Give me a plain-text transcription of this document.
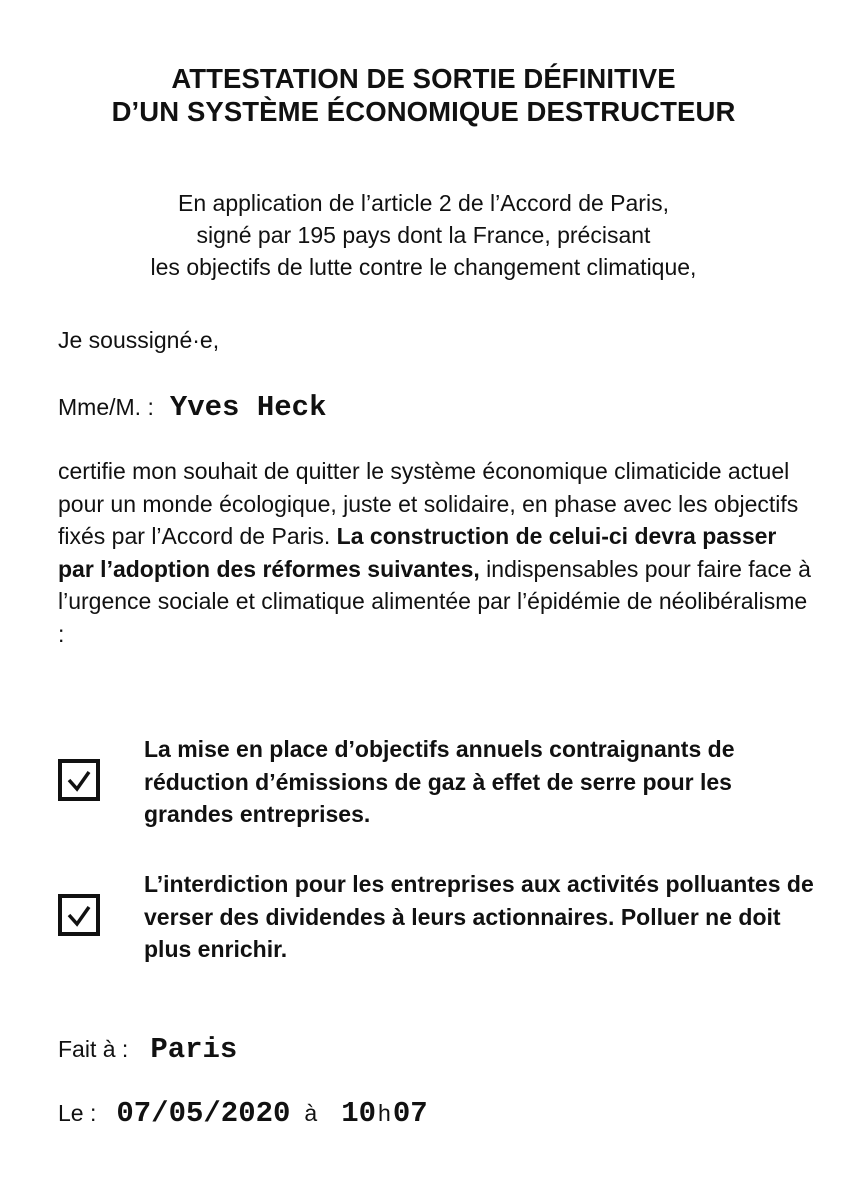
ATTESTATION DE SORTIE DÉFINITIVE
D’UN SYSTÈME ÉCONOMIQUE DESTRUCTEUR
En application de l’article 2 de l’Accord de Paris,
signé par 195 pays dont la France, précisant
les objectifs de lutte contre le changement climatique,
Je soussigné·e,
Mme/M. : Yves Heck
certifie mon souhait de quitter le système économique climaticide actuel pour un monde écologique, juste et solidaire, en phase avec les objectifs fixés par l’Accord de Paris. La construction de celui-ci devra passer par l’adoption des réformes suivantes, indispensables pour faire face à l’urgence sociale et climatique alimentée par l’épidémie de néolibéralisme :
La mise en place d’objectifs annuels contraignants de réduction d’émissions de gaz à effet de serre pour les grandes entreprises.
L’interdiction pour les entreprises aux activités polluantes de verser des dividendes à leurs actionnaires. Polluer ne doit plus enrichir.
Fait à : Paris
Le : 07/05/2020 à 10h07
